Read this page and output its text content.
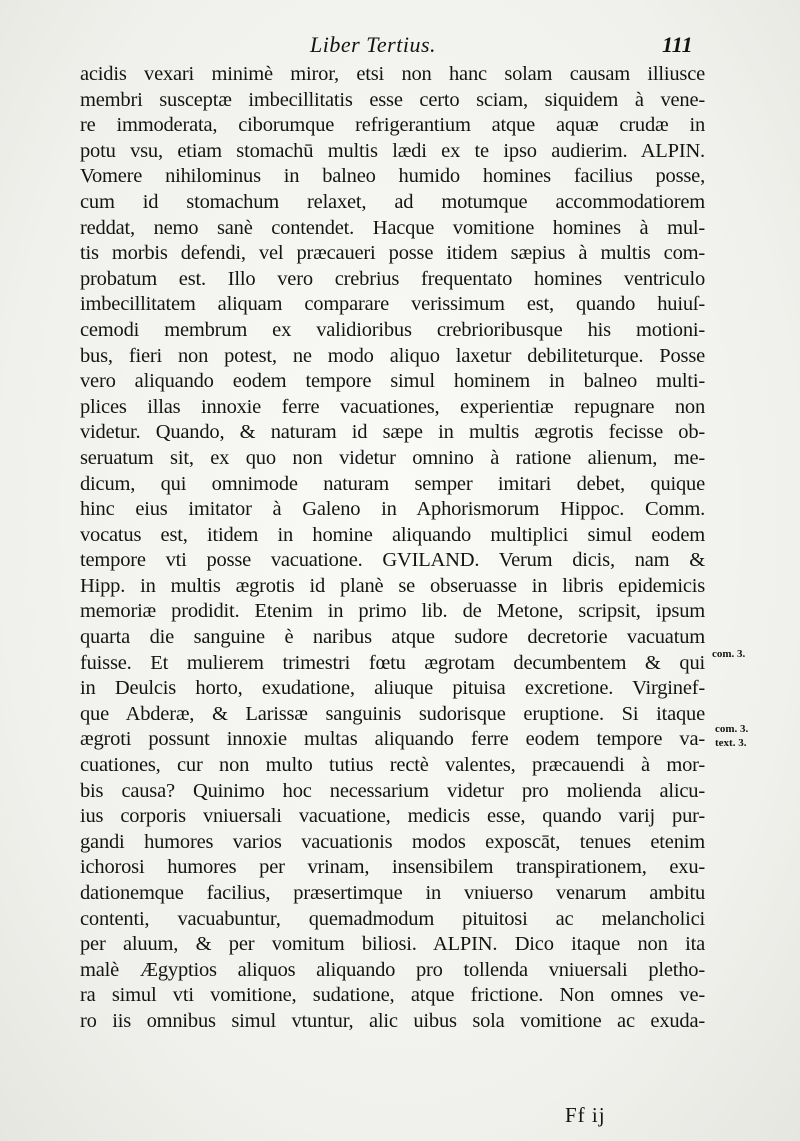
Liber Tertius.	111
acidis vexari minimè miror, etsi non hanc solam causam illiusce
membri susceptæ imbecillitatis esse certo sciam, siquidem à vene-
re immoderata, ciborumque refrigerantium atque aquæ crudæ in
potu vsu, etiam stomachū multis lædi ex te ipso audierim. ALPIN.
Vomere nihilominus in balneo humido homines facilius posse,
cum id stomachum relaxet, ad motumque accommodatiorem
reddat, nemo sanè contendet. Hacque vomitione homines à mul-
tis morbis defendi, vel præcaueri posse itidem sæpius à multis com-
probatum est. Illo vero crebrius frequentato homines ventriculo
imbecillitatem aliquam comparare verissimum est, quando huiuſ-
cemodi membrum ex validioribus crebrioribusque his motioni-
bus, fieri non potest, ne modo aliquo laxetur debiliteturque. Posse
vero aliquando eodem tempore simul hominem in balneo multi-
plices illas innoxie ferre vacuationes, experientiæ repugnare non
videtur. Quando, & naturam id sæpe in multis ægrotis fecisse ob-
seruatum sit, ex quo non videtur omnino à ratione alienum, me-
dicum, qui omnimode naturam semper imitari debet, quique
hinc eius imitator à Galeno in Aphorismorum Hippoc. Comm.
vocatus est, itidem in homine aliquando multiplici simul eodem
tempore vti posse vacuatione. GVILAND. Verum dicis, nam &
Hipp. in multis ægrotis id planè se obseruasse in libris epidemicis
memoriæ prodidit. Etenim in primo lib. de Metone, scripsit, ipsum
quarta die sanguine è naribus atque sudore decretorie vacuatum
fuisse. Et mulierem trimestri fœtu ægrotam decumbentem & qui
in Deulcis horto, exudatione, aliuque pituisa excretione. Virginef-
que Abderæ, & Larissæ sanguinis sudorisque eruptione. Si itaque
ægroti possunt innoxie multas aliquando ferre eodem tempore va-
cuationes, cur non multo tutius rectè valentes, præcauendi à mor-
bis causa? Quinimo hoc necessarium videtur pro molienda alicu-
ius corporis vniuersali vacuatione, medicis esse, quando varij pur-
gandi humores varios vacuationis modos exposcāt, tenues etenim
ichorosi humores per vrinam, insensibilem transpirationem, exu-
dationemque facilius, præsertimque in vniuerso venarum ambitu
contenti, vacuabuntur, quemadmodum pituitosi ac melancholici
per aluum, & per vomitum biliosi. ALPIN. Dico itaque non ita
malè Ægyptios aliquos aliquando pro tollenda vniuersali plethο-
ra simul vti vomitione, sudatione, atque frictione. Non omnes ve-
ro iis omnibus simul vtuntur, alic uibus sola vomitione ac exuda-
com. 3.
com. 3.
text. 3.
Ff ij
